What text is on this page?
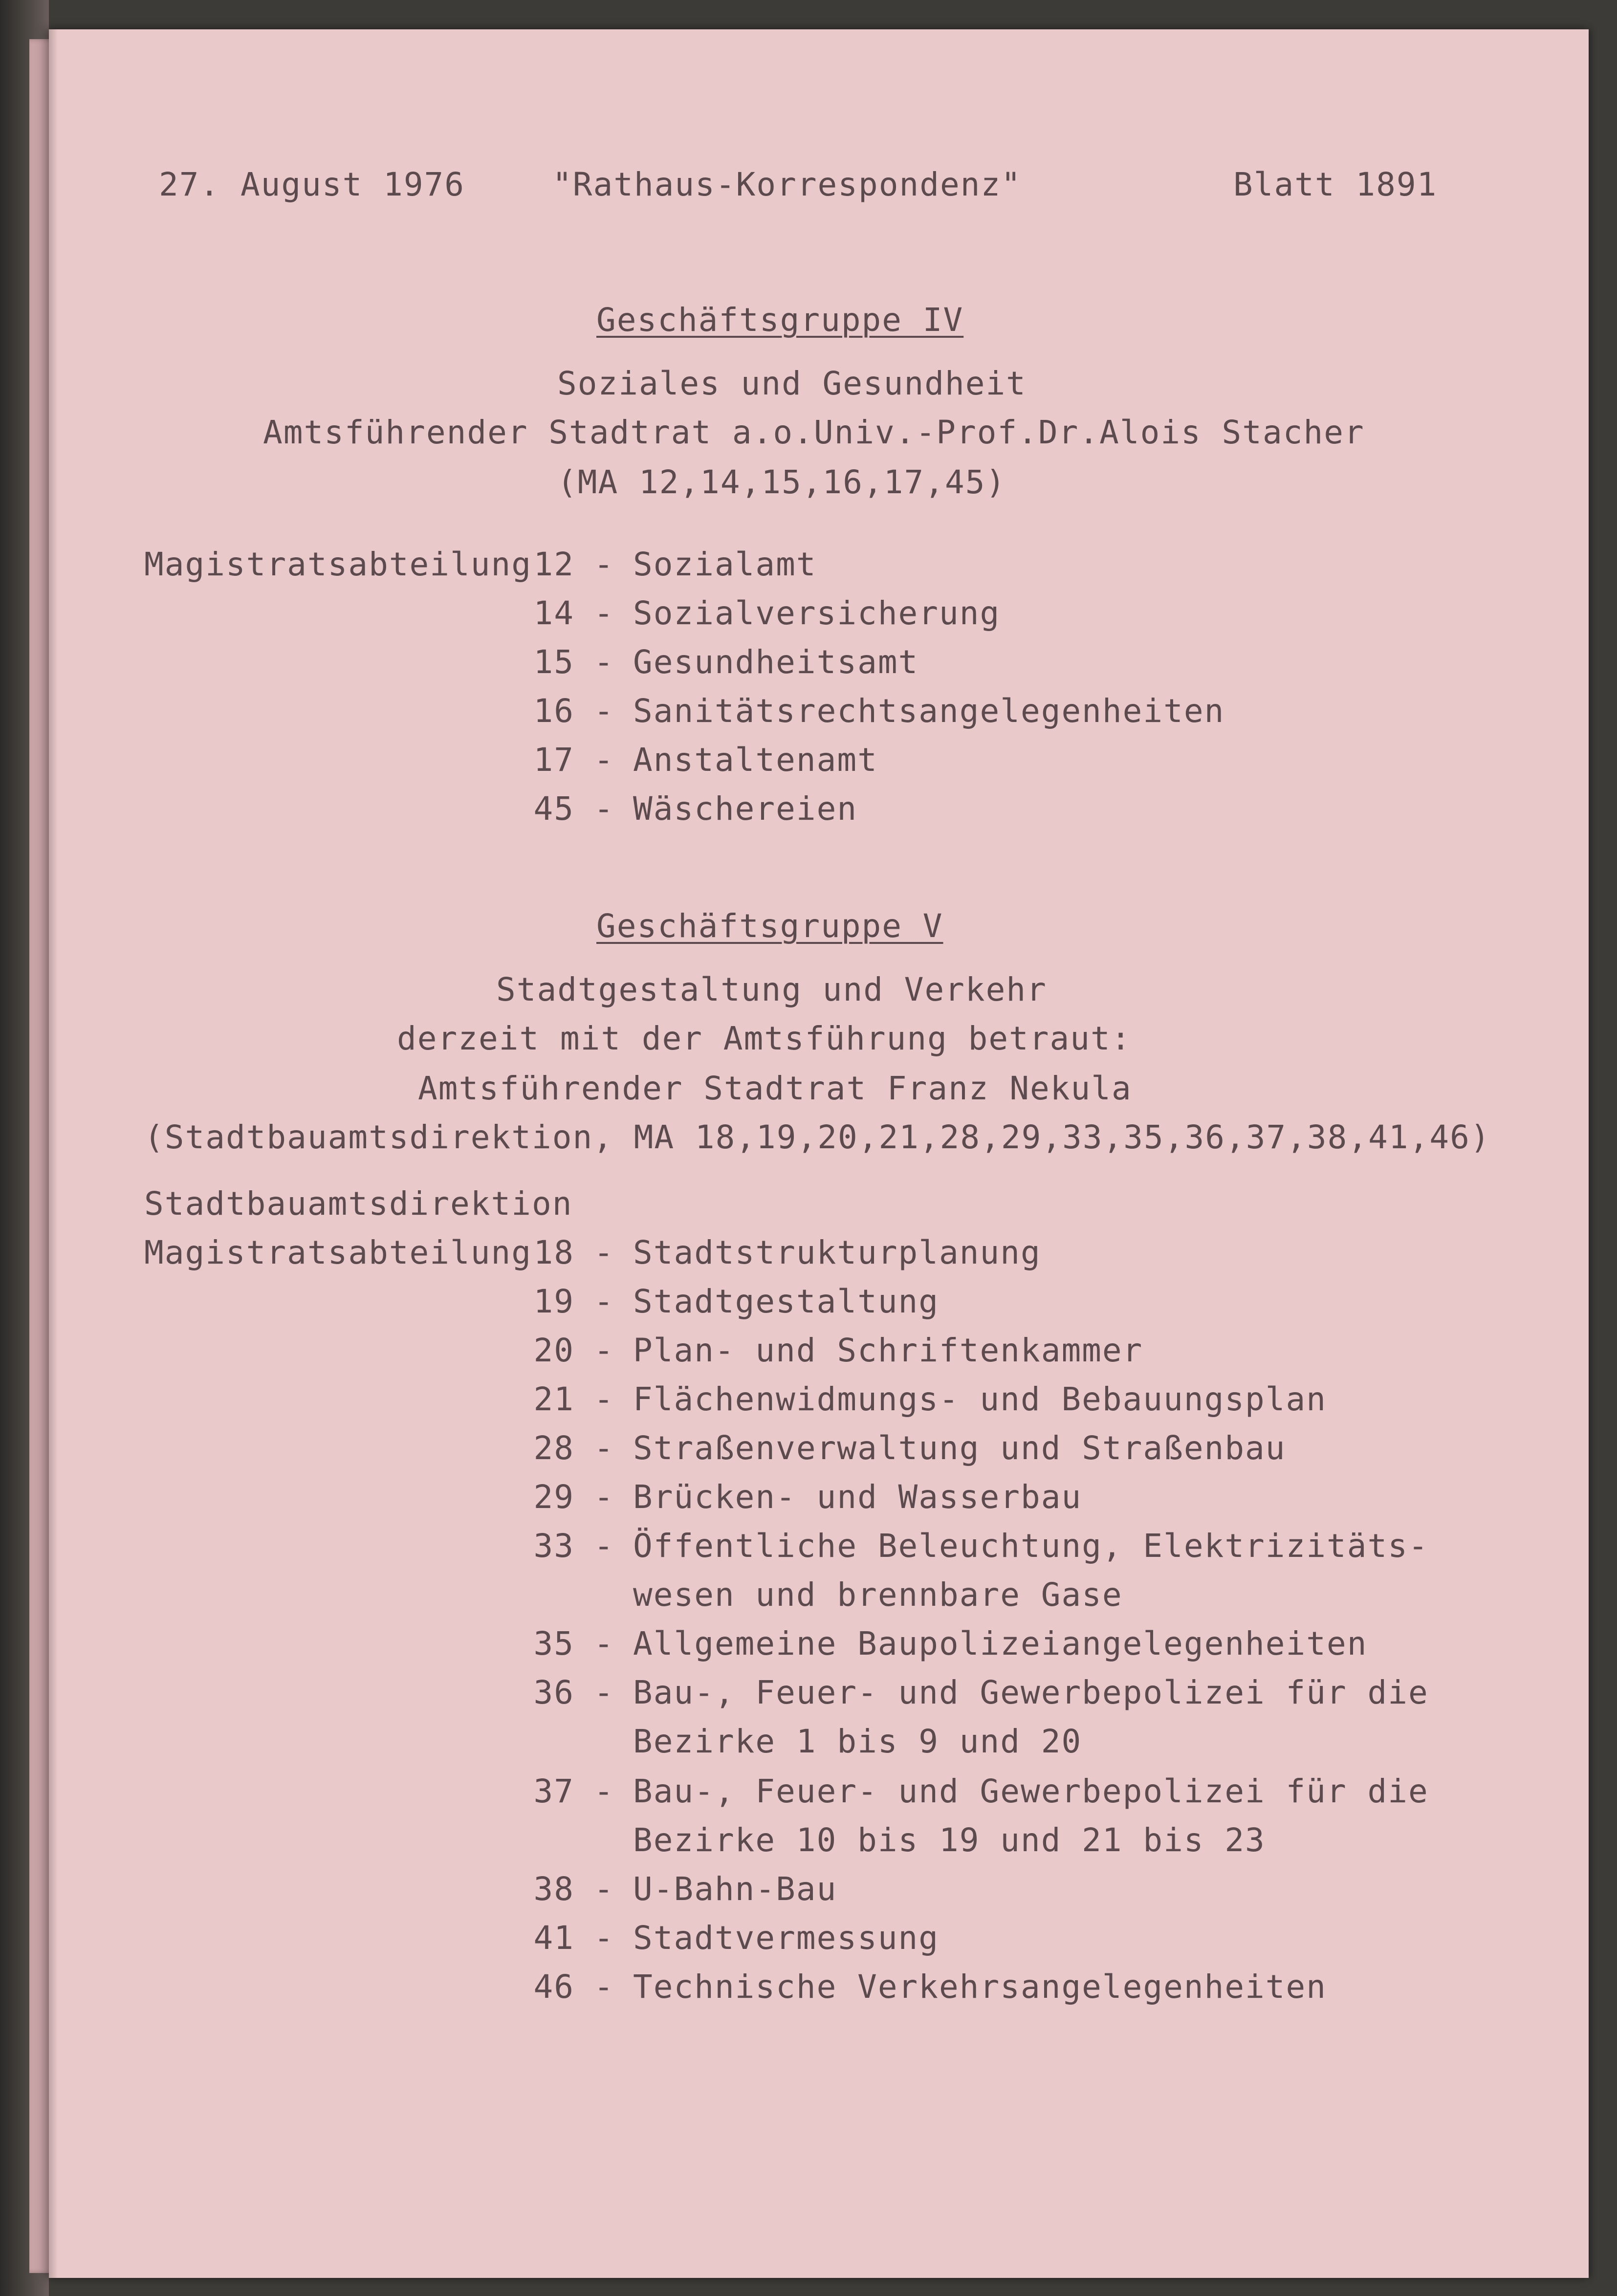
27. August 1976	"Rathaus-Korrespondenz"	Blatt 1891
Geschäftsgruppe IV
Soziales und Gesundheit
Amtsführender Stadtrat a.o.Univ.-Prof.Dr.Alois Stacher
(MA 12,14,15,16,17,45)
Magistratsabteilung 12 - Sozialamt
14 - Sozialversicherung
15 - Gesundheitsamt
16 - Sanitätsrechtsangelegenheiten
17 - Anstaltenamt
45 - Wäschereien
Geschäftsgruppe V
Stadtgestaltung und Verkehr
derzeit mit der Amtsführung betraut:
Amtsführender Stadtrat Franz Nekula
(Stadtbauamtsdirektion, MA 18,19,20,21,28,29,33,35,36,37,38,41,46)
Stadtbauamtsdirektion
Magistratsabteilung 18 - Stadtstrukturplanung
19 - Stadtgestaltung
20 - Plan- und Schriftenkammer
21 - Flächenwidmungs- und Bebauungsplan
28 - Straßenverwaltung und Straßenbau
29 - Brücken- und Wasserbau
33 - Öffentliche Beleuchtung, Elektrizitäts-
wesen und brennbare Gase
35 - Allgemeine Baupolizeiangelegenheiten
36 - Bau-, Feuer- und Gewerbepolizei für die
Bezirke 1 bis 9 und 20
37 - Bau-, Feuer- und Gewerbepolizei für die
Bezirke 10 bis 19 und 21 bis 23
38 - U-Bahn-Bau
41 - Stadtvermessung
46 - Technische Verkehrsangelegenheiten
